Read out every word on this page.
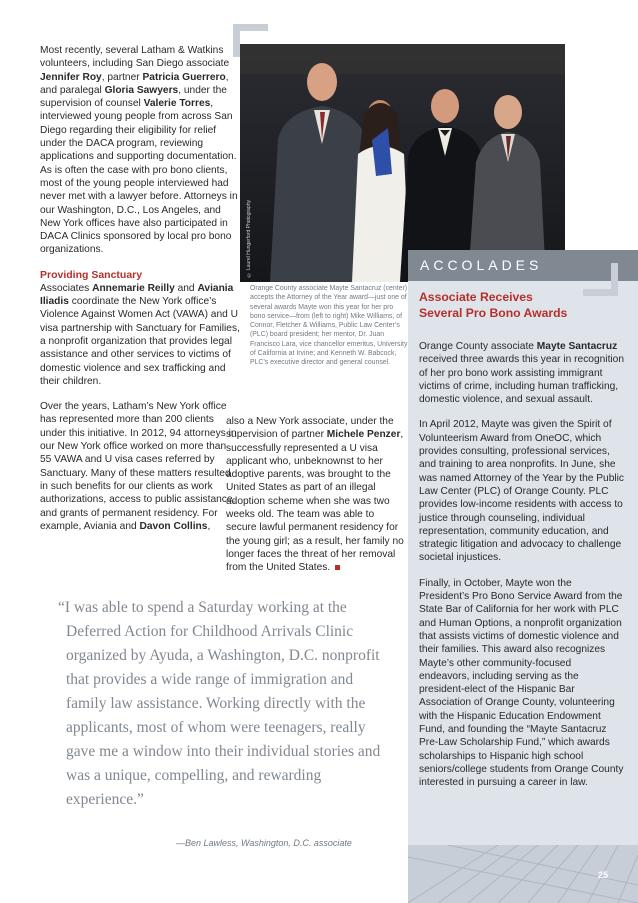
Most recently, several Latham & Watkins volunteers, including San Diego associate Jennifer Roy, partner Patricia Guerrero, and paralegal Gloria Sawyers, under the supervision of counsel Valerie Torres, interviewed young people from across San Diego regarding their eligibility for relief under the DACA program, reviewing applications and supporting documentation. As is often the case with pro bono clients, most of the young people interviewed had never met with a lawyer before. Attorneys in our Washington, D.C., Los Angeles, and New York offices have also participated in DACA Clinics sponsored by local pro bono organizations.

Providing Sanctuary

Associates Annemarie Reilly and Aviania Iliadis coordinate the New York office’s Violence Against Women Act (VAWA) and U visa partnership with Sanctuary for Families, a nonprofit organization that provides legal assistance and other services to victims of domestic violence and sex trafficking and their children.

Over the years, Latham’s New York office has represented more than 200 clients under this initiative. In 2012, 94 attorneys in our New York office worked on more than 55 VAWA and U visa cases referred by Sanctuary. Many of these matters resulted in such benefits for our clients as work authorizations, access to public assistance, and grants of permanent residency. For example, Aviania and Davon Collins,

© Laurel Hungerford Photography	ACCOLADES
25
Associate Receives Several Pro Bono Awards

Orange County associate Mayte Santacruz received three awards this year in recognition of her pro bono work assisting immigrant victims of crime, including human trafficking, domestic violence, and sexual assault.

In April 2012, Mayte was given the Spirit of Volunteerism Award from OneOC, which provides consulting, professional services, and training to area nonprofits. In June, she was named Attorney of the Year by the Public Law Center (PLC) of Orange County. PLC provides low-income residents with access to justice through counseling, individual representation, community education, and strategic litigation and advocacy to challenge societal injustices.

Finally, in October, Mayte won the President’s Pro Bono Service Award from the State Bar of California for her work with PLC and Human Options, a nonprofit organization that assists victims of domestic violence and their families. This award also recognizes Mayte’s other community-focused endeavors, including serving as the president-elect of the Hispanic Bar Association of Orange County, volunteering with the Hispanic Education Endowment Fund, and founding the “Mayte Santacruz Pre-Law Scholarship Fund,” which awards scholarships to Hispanic high school seniors/college students from Orange County interested in pursuing a career in law.

Orange County associate Mayte Santacruz (center) accepts the Attorney of the Year award—just one of several awards Mayte won this year for her pro bono service—from (left to right) Mike Williams, of Connor, Fletcher & Williams, Public Law Center’s (PLC) board president; her mentor, Dr. Juan Francisco Lara, vice chancellor emeritus, University of California at Irvine; and Kenneth W. Babcock, PLC’s executive director and general counsel.

also a New York associate, under the supervision of partner Michele Penzer, successfully represented a U visa applicant who, unbeknownst to her adoptive parents, was brought to the United States as part of an illegal adoption scheme when she was two weeks old. The team was able to secure lawful permanent residency for the young girl; as a result, her family no longer faces the threat of her removal from the United States.

“I was able to spend a Saturday working at the Deferred Action for Childhood Arrivals Clinic organized by Ayuda, a Washington, D.C. nonprofit that provides a wide range of immigration and family law assistance. Working directly with the applicants, most of whom were teenagers, really gave me a window into their individual stories and was a unique, compelling, and rewarding experience.”

—Ben Lawless, Washington, D.C. associate
